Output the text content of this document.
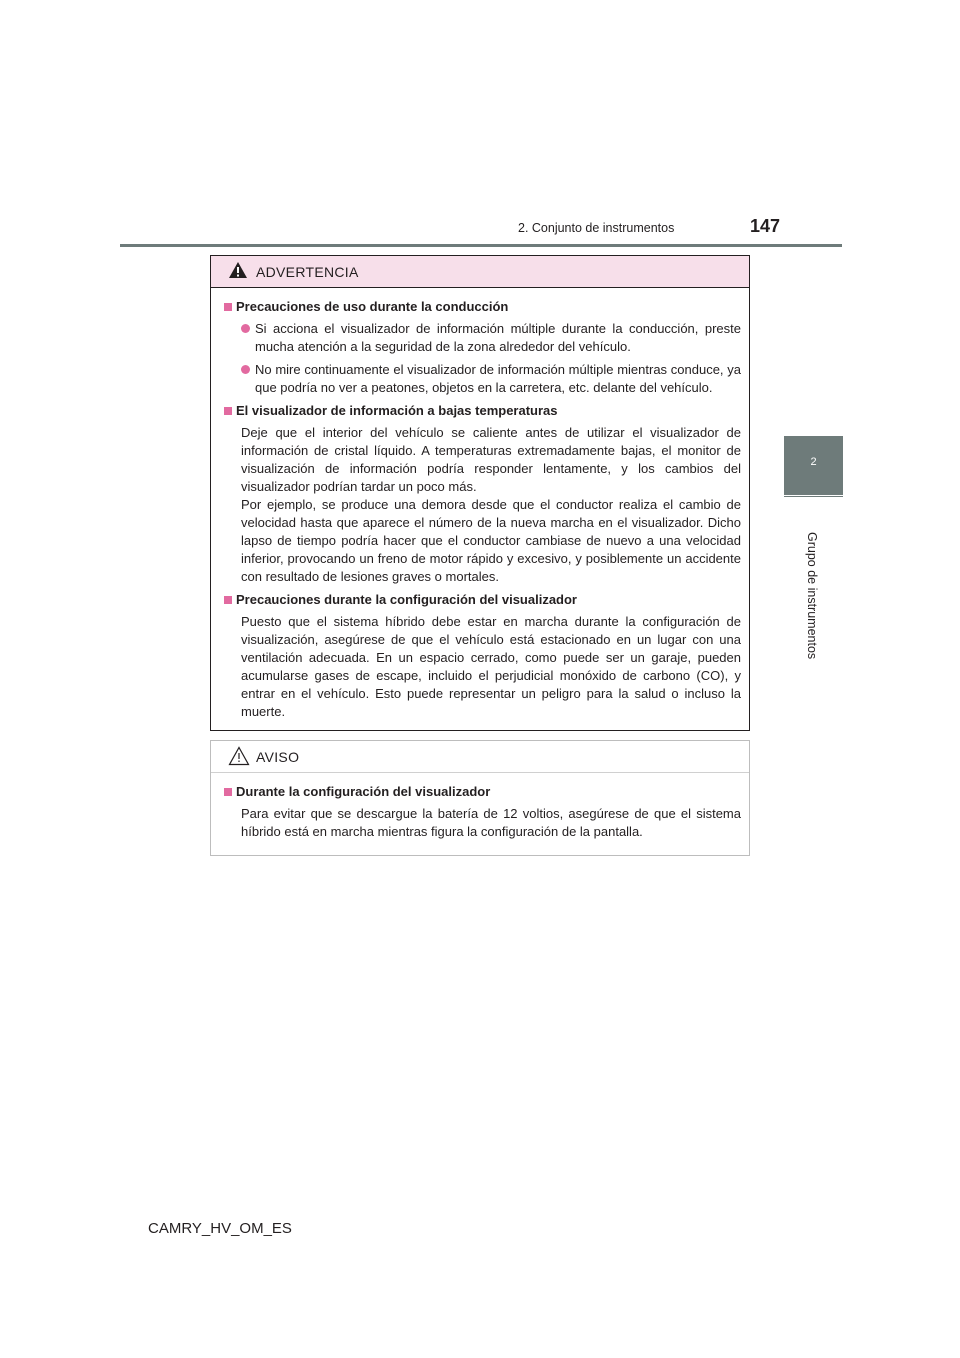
2. Conjunto de instrumentos	147
2
Grupo de instrumentos
ADVERTENCIA
Precauciones de uso durante la conducción
Si acciona el visualizador de información múltiple durante la conducción, preste mucha atención a la seguridad de la zona alrededor del vehículo.
No mire continuamente el visualizador de información múltiple mientras conduce, ya que podría no ver a peatones, objetos en la carretera, etc. delante del vehículo.
El visualizador de información a bajas temperaturas
Deje que el interior del vehículo se caliente antes de utilizar el visualizador de información de cristal líquido. A temperaturas extremadamente bajas, el monitor de visualización de información podría responder lentamente, y los cambios del visualizador podrían tardar un poco más.
Por ejemplo, se produce una demora desde que el conductor realiza el cambio de velocidad hasta que aparece el número de la nueva marcha en el visualizador. Dicho lapso de tiempo podría hacer que el conductor cambiase de nuevo a una velocidad inferior, provocando un freno de motor rápido y excesivo, y posiblemente un accidente con resultado de lesiones graves o mortales.
Precauciones durante la configuración del visualizador
Puesto que el sistema híbrido debe estar en marcha durante la configuración de visualización, asegúrese de que el vehículo está estacionado en un lugar con una ventilación adecuada. En un espacio cerrado, como puede ser un garaje, pueden acumularse gases de escape, incluido el perjudicial monóxido de carbono (CO), y entrar en el vehículo. Esto puede representar un peligro para la salud o incluso la muerte.
AVISO
Durante la configuración del visualizador
Para evitar que se descargue la batería de 12 voltios, asegúrese de que el sistema híbrido está en marcha mientras figura la configuración de la pantalla.
CAMRY_HV_OM_ES
